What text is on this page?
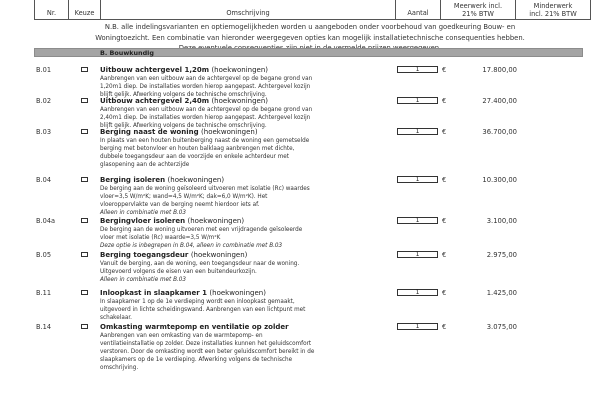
Nr.	Keuze	Omschrijving	Aantal	
Meerwerk incl.
21% BTW

Minderwerk
incl. 21% BTW
N.B. alle indelingsvarianten en optiemogelijkheden worden u aangeboden onder voorbehoud van goedkeuring Bouw- en
Woningtoezicht. Een combinatie van hieronder weergegeven opties kan mogelijk installatietechnische consequenties hebben.
B. Bouwkundig
B.01	Uitbouw achtergevel 1,20m (hoekwoningen)
Aanbrengen van een uitbouw aan de achtergevel op de begane grond van
1,20m1 diep. De installaties worden hierop aangepast. Achtergevel kozijn
blijft gelijk. Afwerking volgens de technische omschrijving.
1	€	17.800,00
B.02	Uitbouw achtergevel 2,40m (hoekwoningen)
Aanbrengen van een uitbouw aan de achtergevel op de begane grond van
2,40m1 diep. De installaties worden hierop aangepast. Achtergevel kozijn
blijft gelijk. Afwerking volgens de technische omschrijving.
1	€	27.400,00
B.03	Berging naast de woning (hoekwoningen)
In plaats van een houten buitenberging naast de woning een gemetselde
berging met betonvloer en houten balklaag aanbrengen met dichte,
dubbele toegangsdeur aan de voorzijde en enkele achterdeur met
glasopening aan de achterzijde
1	€	36.700,00
B.04	Berging isoleren (hoekwoningen)
De berging aan de woning geïsoleerd uitvoeren met isolatie (Rc) waardes
vloer=3,5 W/m²K; wand=4,5 W/m²K; dak=6,0 W/m²K). Het
vloeroppervlakte van de berging neemt hierdoor iets af.
Alleen in combinatie met B.03
1	€	10.300,00
B.04a	Bergingvloer isoleren (hoekwoningen)
De berging aan de woning uitvoeren met een vrijdragende geïsoleerde
vloer met isolatie (Rc) waarde=3,5 W/m²K
Deze optie is inbegrepen in B.04, alleen in combinatie met B.03
1	€	3.100,00
B.05	Berging toegangsdeur (hoekwoningen)
Vanuit de berging, aan de woning, een toegangsdeur naar de woning.
Uitgevoerd volgens de eisen van een buitendeurkozijn.
Alleen in combinatie met B.03
1	€	2.975,00
B.11	Inloopkast in slaapkamer 1 (hoekwoningen)
In slaapkamer 1 op de 1e verdieping wordt een inloopkast gemaakt,
uitgevoerd in lichte scheidingswand. Aanbrengen van een lichtpunt met
schakelaar.
1	€	1.425,00
B.14	Omkasting warmtepomp en ventilatie op zolder
Aanbrengen van een omkasting van de warmtepomp- en
ventilatieinstallatie op zolder. Deze installaties kunnen het geluidscomfort
verstoren. Door de omkasting wordt een beter geluidscomfort bereikt in de
slaapkamers op de 1e verdieping. Afwerking volgens de technische
omschrijving.
1	€	3.075,00
